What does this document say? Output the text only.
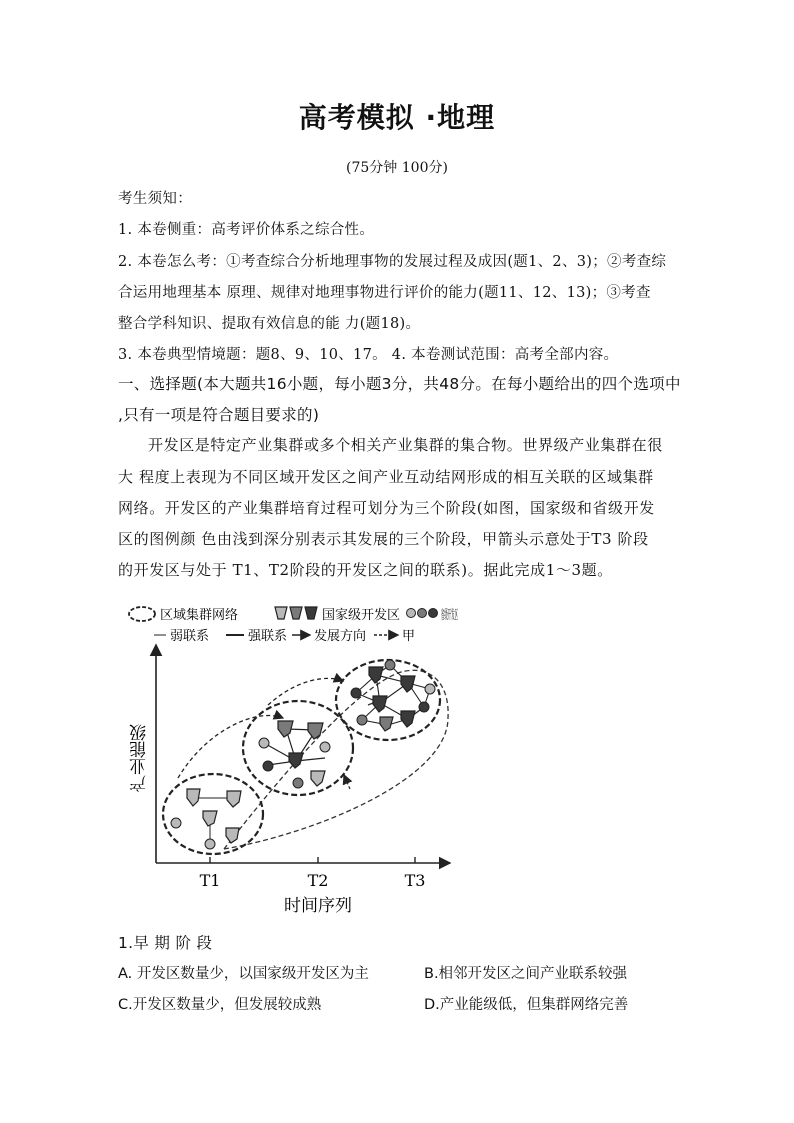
高考模拟 ·地理
(75分钟 100分)
考生须知：
1. 本卷侧重：高考评价体系之综合性。
2. 本卷怎么考：①考查综合分析地理事物的发展过程及成因(题1、2、3)；②考查综
合运用地理基本 原理、规律对地理事物进行评价的能力(题11、12、13)；③考查
整合学科知识、提取有效信息的能 力(题18)。
3. 本卷典型情境题：题8、9、10、17。 4. 本卷测试范围：高考全部内容。
一、选择题(本大题共16小题，每小题3分，共48分。在每小题给出的四个选项中
,只有一项是符合题目要求的)
开发区是特定产业集群或多个相关产业集群的集合物。世界级产业集群在很
大 程度上表现为不同区域开发区之间产业互动结网形成的相互关联的区域集群
网络。开发区的产业集群培育过程可划分为三个阶段(如图，国家级和省级开发
区的图例颜 色由浅到深分别表示其发展的三个阶段，甲箭头示意处于T3 阶段
的开发区与处于 T1、T2阶段的开发区之间的联系)。据此完成1～3题。
区域集群网络	国家级开发区	省级开发区
弱联系	强联系 发展方向	甲
产业能级
T1	T2	T3
时间序列
1.早 期 阶 段
A. 开发区数量少，以国家级开发区为主	B.相邻开发区之间产业联系较强
C.开发区数量少，但发展较成熟	D.产业能级低，但集群网络完善
